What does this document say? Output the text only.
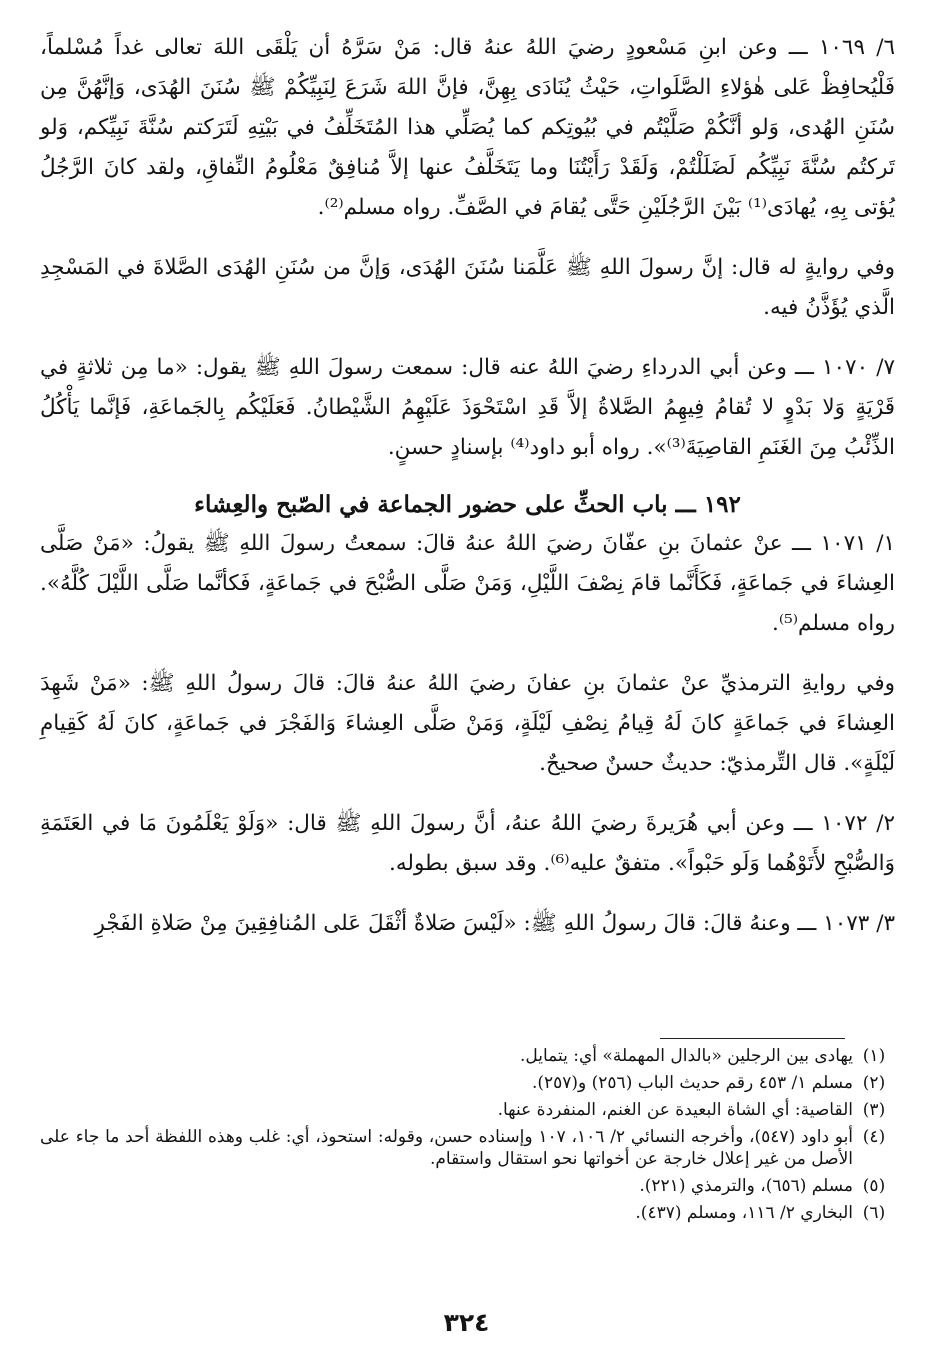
٦/ ١٠٦٩ ـــ وعن ابنِ مَسْعودٍ رضيَ اللهُ عنهُ قال: مَنْ سَرَّهُ أن يَلْقَى اللهَ تعالى غداً مُسْلماً، فَلْيُحافِظْ عَلى هٰؤلاءِ الصَّلَواتِ، حَيْثُ يُنَادَى بِهِنَّ، فإنَّ اللهَ شَرَعَ لِنَبِيِّكُمْ ﷺ سُنَنَ الهُدَى، وَإنَّهُنَّ مِن سُنَنِ الهُدى، وَلو أنَّكُمْ صَلَّيْتُم في بُيُوتِكم كما يُصَلِّي هذا المُتَخَلِّفُ في بَيْتِهِ لَتَرَكتم سُنَّةَ نَبِيِّكم، وَلو تَركتُم سُنَّةَ نَبِيِّكُم لَضَلَلْتُمْ، وَلَقَدْ رَأَيْتُنَا وما يَتَخَلَّفُ عنها إلاَّ مُنافِقٌ مَعْلُومُ النِّفاقِ، ولقد كانَ الرَّجُلُ يُؤتى بِهِ، يُهادَى⁽¹⁾ بَيْنَ الرَّجُلَيْنِ حَتَّى يُقامَ في الصَّفِّ. رواه مسلم⁽²⁾.

وفي روايةٍ له قال: إنَّ رسولَ اللهِ ﷺ عَلَّمَنا سُنَنَ الهُدَى، وَإنَّ من سُنَنِ الهُدَى الصَّلاةَ في المَسْجِدِ الَّذي يُؤَذَّنُ فيه.

٧/ ١٠٧٠ ـــ وعن أبي الدرداءِ رضيَ اللهُ عنه قال: سمعت رسولَ اللهِ ﷺ يقول: «ما مِن ثلاثةٍ في قَرْيَةٍ وَلا بَدْوٍ لا تُقامُ فِيهِمُ الصَّلاةُ إلاَّ قَدِ اسْتَحْوَذَ عَلَيْهِمُ الشَّيْطانُ. فَعَلَيْكُم بِالجَماعَةِ، فَإنَّما يَأْكُلُ الذِّئْبُ مِنَ الغَنَمِ القاصِيَةَ⁽³⁾». رواه أبو داود⁽⁴⁾ بإسنادٍ حسنٍ.

١٩٢ ـــ باب الحثِّ على حضور الجماعة في الصّبح والعِشاء

١/ ١٠٧١ ـــ عنْ عثمانَ بنِ عفّانَ رضيَ اللهُ عنهُ قالَ: سمعتُ رسولَ اللهِ ﷺ يقولُ: «مَنْ صَلَّى العِشاءَ في جَماعَةٍ، فَكَأَنَّما قامَ نِصْفَ اللَّيْلِ، وَمَنْ صَلَّى الصُّبْحَ في جَماعَةٍ، فَكأنَّما صَلَّى اللَّيْلَ كُلَّهُ». رواه مسلم⁽⁵⁾.

وفي روايةِ الترمذيِّ عنْ عثمانَ بنِ عفانَ رضيَ اللهُ عنهُ قالَ: قالَ رسولُ اللهِ ﷺ: «مَنْ شَهِدَ العِشاءَ في جَماعَةٍ كانَ لَهُ قِيامُ نِصْفِ لَيْلَةٍ، وَمَنْ صَلَّى العِشاءَ وَالفَجْرَ في جَماعَةٍ، كانَ لَهُ كَقِيامِ لَيْلَةٍ». قال التِّرمذيّ: حديثٌ حسنٌ صحيحٌ.

٢/ ١٠٧٢ ـــ وعن أبي هُرَيرةَ رضيَ اللهُ عنهُ، أنَّ رسولَ اللهِ ﷺ قال: «وَلَوْ يَعْلَمُونَ مَا في العَتَمَةِ وَالصُّبْحِ لأَتَوْهُما وَلَو حَبْواً». متفقٌ عليه⁽⁶⁾. وقد سبق بطوله.

٣/ ١٠٧٣ ـــ وعنهُ قالَ: قالَ رسولُ اللهِ ﷺ: «لَيْسَ صَلاةٌ أثْقَلَ عَلى المُنافِقِينَ مِنْ صَلاةِ الفَجْرِ

(١)
يهادى بين الرجلين «بالدال المهملة» أي: يتمايل.
(٢)
مسلم ١/ ٤٥٣ رقم حديث الباب (٢٥٦) و(٢٥٧).
(٣)
القاصية: أي الشاة البعيدة عن الغنم، المنفردة عنها.
(٤)
أبو داود (٥٤٧)، وأخرجه النسائي ٢/ ١٠٦، ١٠٧ وإسناده حسن، وقوله: استحوذ، أي: غلب وهذه اللفظة أحد ما جاء على الأصل من غير إعلال خارجة عن أخواتها نحو استقال واستقام.
(٥)
مسلم (٦٥٦)، والترمذي (٢٢١).
(٦)
البخاري ٢/ ١١٦، ومسلم (٤٣٧).
٣٢٤
